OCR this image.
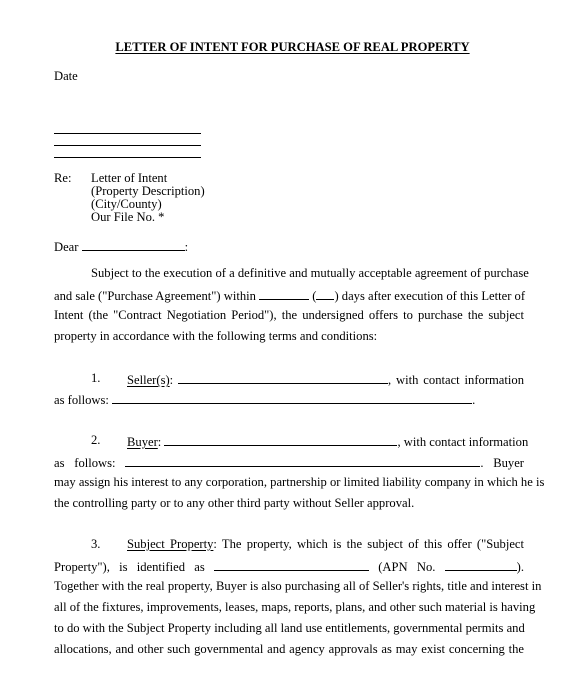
LETTER OF INTENT FOR PURCHASE OF REAL PROPERTY
Date
Re: Letter of Intent
(Property Description)
(City/County)
Our File No. *
Dear	:
Subject to the execution of a definitive and mutually acceptable agreement of purchase
and sale ("Purchase Agreement") within	( ) days after execution of this Letter of
Intent (the "Contract Negotiation Period"), the undersigned offers to purchase the subject
property in accordance with the following terms and conditions:
1. Seller(s):	, with contact information
as follows:	.
2. Buyer:	, with contact information
as follows:	. Buyer
may assign his interest to any corporation, partnership or limited liability company in which he is
the controlling party or to any other third party without Seller approval.
3. Subject Property: The property, which is the subject of this offer ("Subject
Property"), is identified as	(APN No.	).
Together with the real property, Buyer is also purchasing all of Seller's rights, title and interest in
all of the fixtures, improvements, leases, maps, reports, plans, and other such material is having
to do with the Subject Property including all land use entitlements, governmental permits and
allocations, and other such governmental and agency approvals as may exist concerning the
